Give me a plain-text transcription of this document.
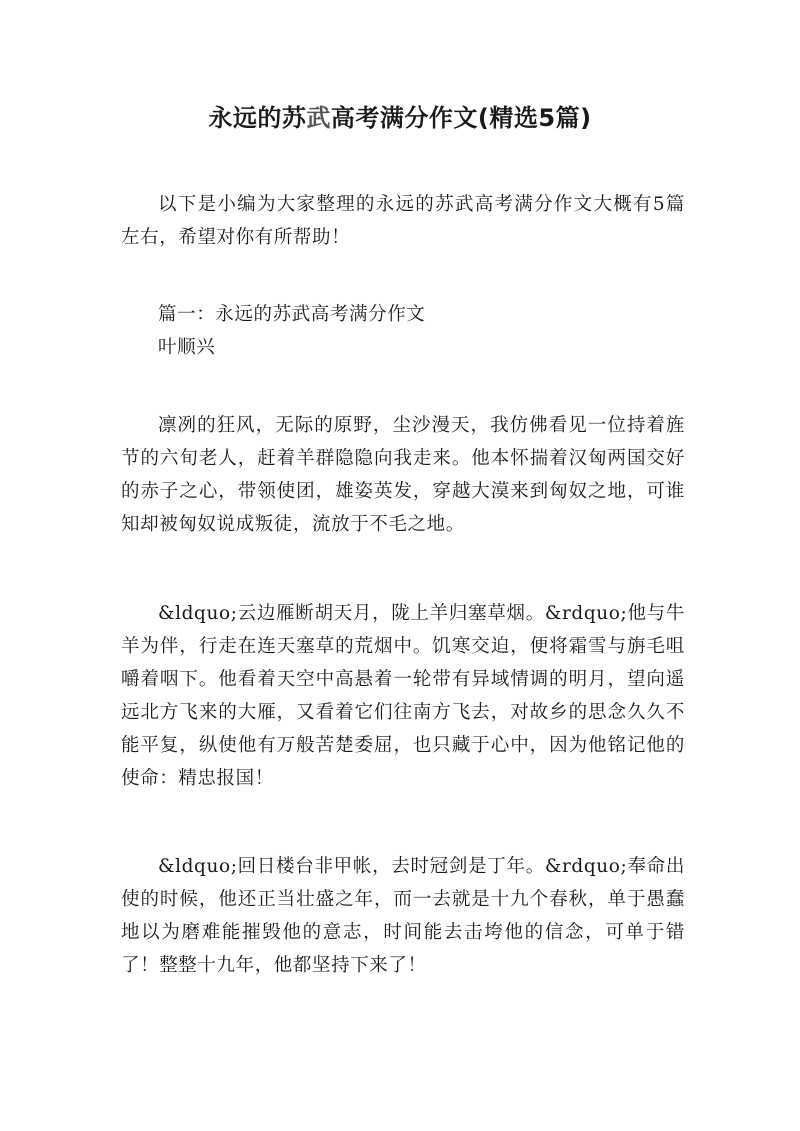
永远的苏武高考满分作文(精选5篇)

以下是小编为大家整理的永远的苏武高考满分作文大概有5篇左右，希望对你有所帮助！

篇一：永远的苏武高考满分作文

叶顺兴

凛冽的狂风，无际的原野，尘沙漫天，我仿佛看见一位持着旌节的六旬老人，赶着羊群隐隐向我走来。他本怀揣着汉匈两国交好的赤子之心，带领使团，雄姿英发，穿越大漠来到匈奴之地，可谁知却被匈奴说成叛徒，流放于不毛之地。

&ldquo;云边雁断胡天月，陇上羊归塞草烟。&rdquo;他与牛羊为伴，行走在连天塞草的荒烟中。饥寒交迫，便将霜雪与旃毛咀嚼着咽下。他看着天空中高悬着一轮带有异域情调的明月，望向遥远北方飞来的大雁，又看着它们往南方飞去，对故乡的思念久久不能平复，纵使他有万般苦楚委屈，也只藏于心中，因为他铭记他的使命：精忠报国！

&ldquo;回日楼台非甲帐，去时冠剑是丁年。&rdquo;奉命出使的时候，他还正当壮盛之年，而一去就是十九个春秋，单于愚蠢地以为磨难能摧毁他的意志，时间能去击垮他的信念，可单于错了！整整十九年，他都坚持下来了！
